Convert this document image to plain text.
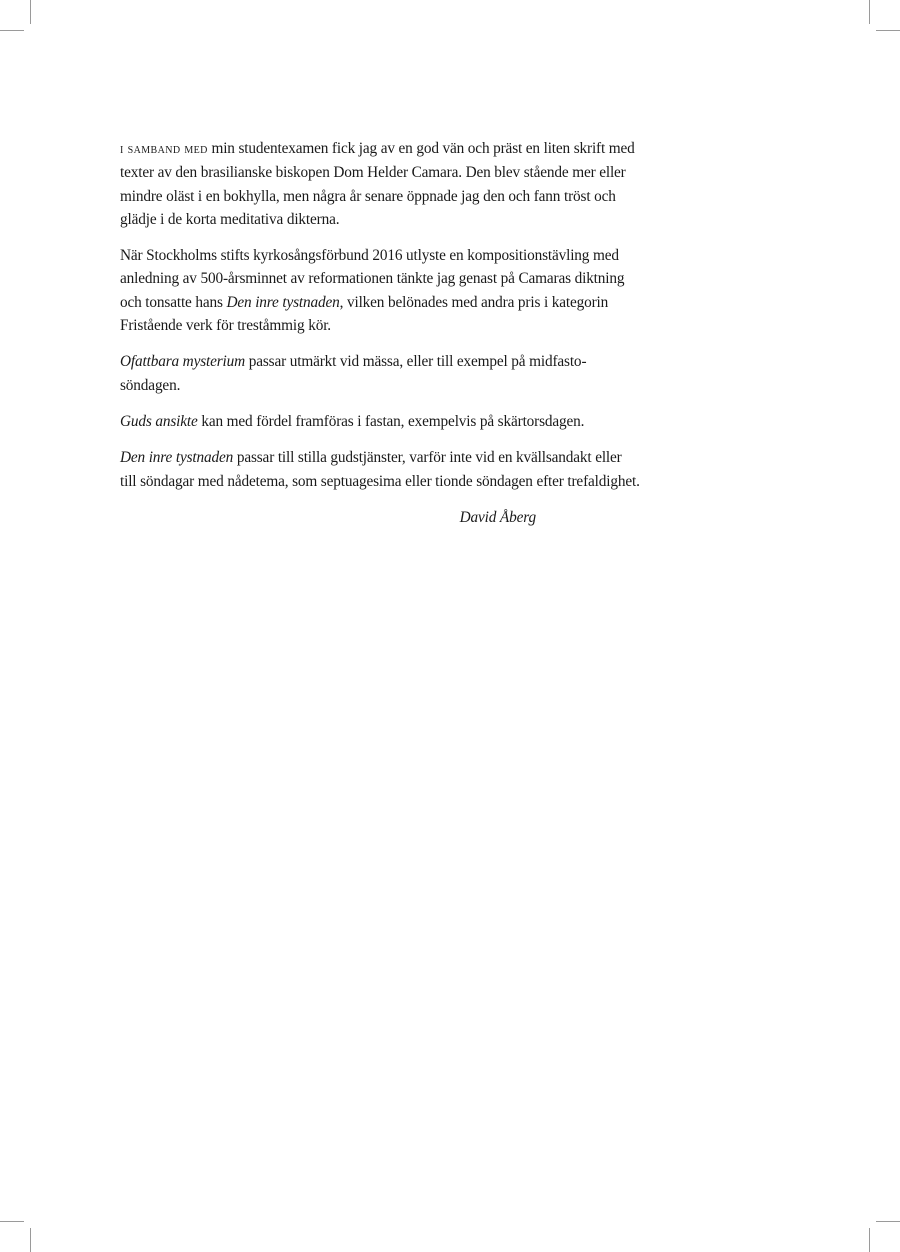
i samband med min studentexamen fick jag av en god vän och präst en liten skrift med texter av den brasilianske biskopen Dom Helder Camara. Den blev stående mer eller mindre oläst i en bokhylla, men några år senare öppnade jag den och fann tröst och glädje i de korta meditativa dikterna.

När Stockholms stifts kyrkosångsförbund 2016 utlyste en kompositionstävling med anledning av 500-årsminnet av reformationen tänkte jag genast på Camaras diktning och tonsatte hans Den inre tystnaden, vilken belönades med andra pris i kategorin Fristående verk för treståmmig kör.

Ofattbara mysterium passar utmärkt vid mässa, eller till exempel på midfastosöndagen.

Guds ansikte kan med fördel framföras i fastan, exempelvis på skärtorsdagen.

Den inre tystnaden passar till stilla gudstjänster, varför inte vid en kvällsandakt eller till söndagar med nådetema, som septuagesima eller tionde söndagen efter trefaldighet.

David Åberg
